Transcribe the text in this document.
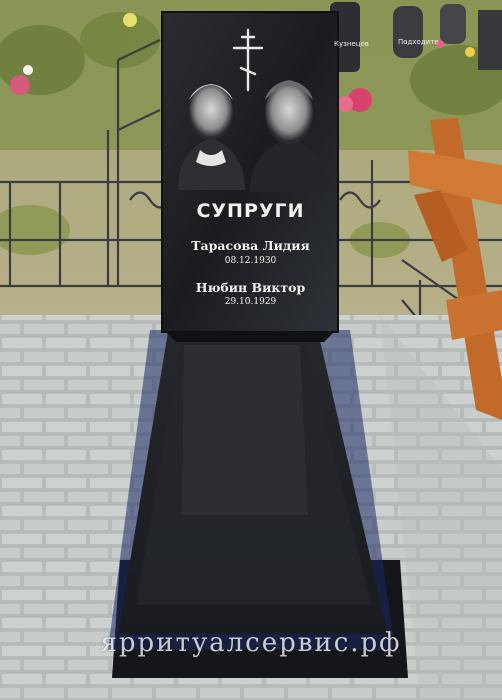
Подходите
Кузнецов
СУПРУГИ
Тарасова Лидия
08.12.1930
Нюбин Виктор
29.10.1929
ярритуалсервис.рф
